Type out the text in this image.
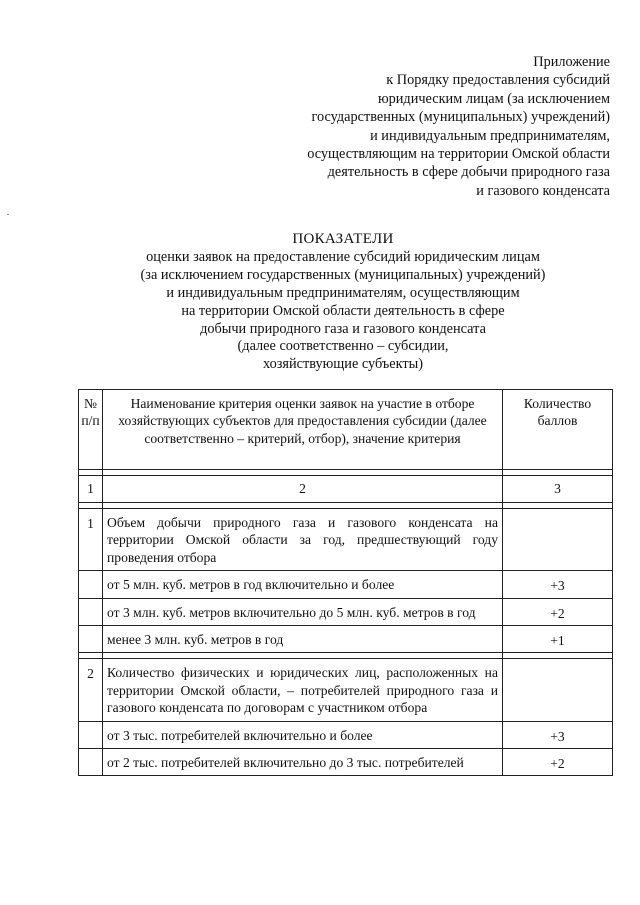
Приложение
к Порядку предоставления субсидий
юридическим лицам (за исключением
государственных (муниципальных) учреждений)
и индивидуальным предпринимателям,
осуществляющим на территории Омской области
деятельность в сфере добычи природного газа
и газового конденсата
ПОКАЗАТЕЛИ
оценки заявок на предоставление субсидий юридическим лицам
(за исключением государственных (муниципальных) учреждений)
и индивидуальным предпринимателям, осуществляющим
на территории Омской области деятельность в сфере
добычи природного газа и газового конденсата
(далее соответственно – субсидии,
хозяйствующие субъекты)
№ п/п	Наименование критерия оценки заявок на участие в отборе хозяйствующих субъектов для предоставления субсидии (далее соответственно – критерий, отбор), значение критерия	Количество баллов

1	2	3

1	Объем добычи природного газа и газового конденсата на территории Омской области за год, предшествующий году проведения отбора	
	от 5 млн. куб. метров в год включительно и более	+3
	от 3 млн. куб. метров включительно до 5 млн. куб. метров в год	+2
	менее 3 млн. куб. метров в год	+1

2	Количество физических и юридических лиц, расположенных на территории Омской области, – потребителей природного газа и газового конденсата по договорам с участником отбора	
	от 3 тыс. потребителей включительно и более	+3
	от 2 тыс. потребителей включительно до 3 тыс. потребителей	+2
